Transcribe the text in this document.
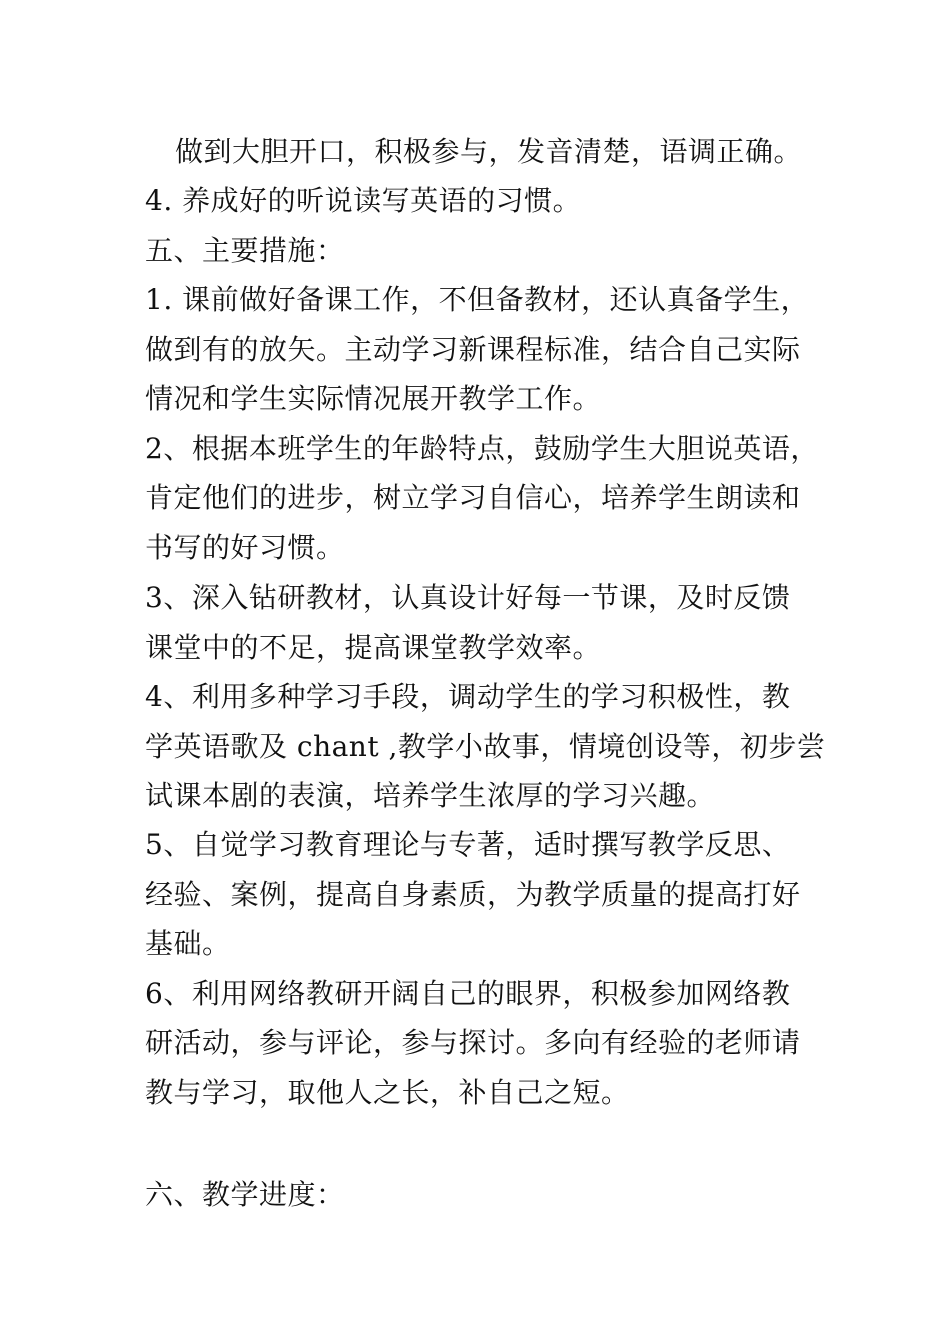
做到大胆开口，积极参与，发音清楚，语调正确。
4. 养成好的听说读写英语的习惯。
五、主要措施：
1. 课前做好备课工作，不但备教材，还认真备学生，
做到有的放矢。主动学习新课程标准，结合自己实际
情况和学生实际情况展开教学工作。
2、根据本班学生的年龄特点，鼓励学生大胆说英语，
肯定他们的进步，树立学习自信心，培养学生朗读和
书写的好习惯。
3、深入钻研教材，认真设计好每一节课，及时反馈
课堂中的不足，提高课堂教学效率。
4、利用多种学习手段，调动学生的学习积极性，教
学英语歌及 chant ,教学小故事，情境创设等，初步尝
试课本剧的表演，培养学生浓厚的学习兴趣。
5、自觉学习教育理论与专著，适时撰写教学反思、
经验、案例，提高自身素质，为教学质量的提高打好
基础。
6、利用网络教研开阔自己的眼界，积极参加网络教
研活动，参与评论，参与探讨。多向有经验的老师请
教与学习，取他人之长，补自己之短。
六、教学进度：
